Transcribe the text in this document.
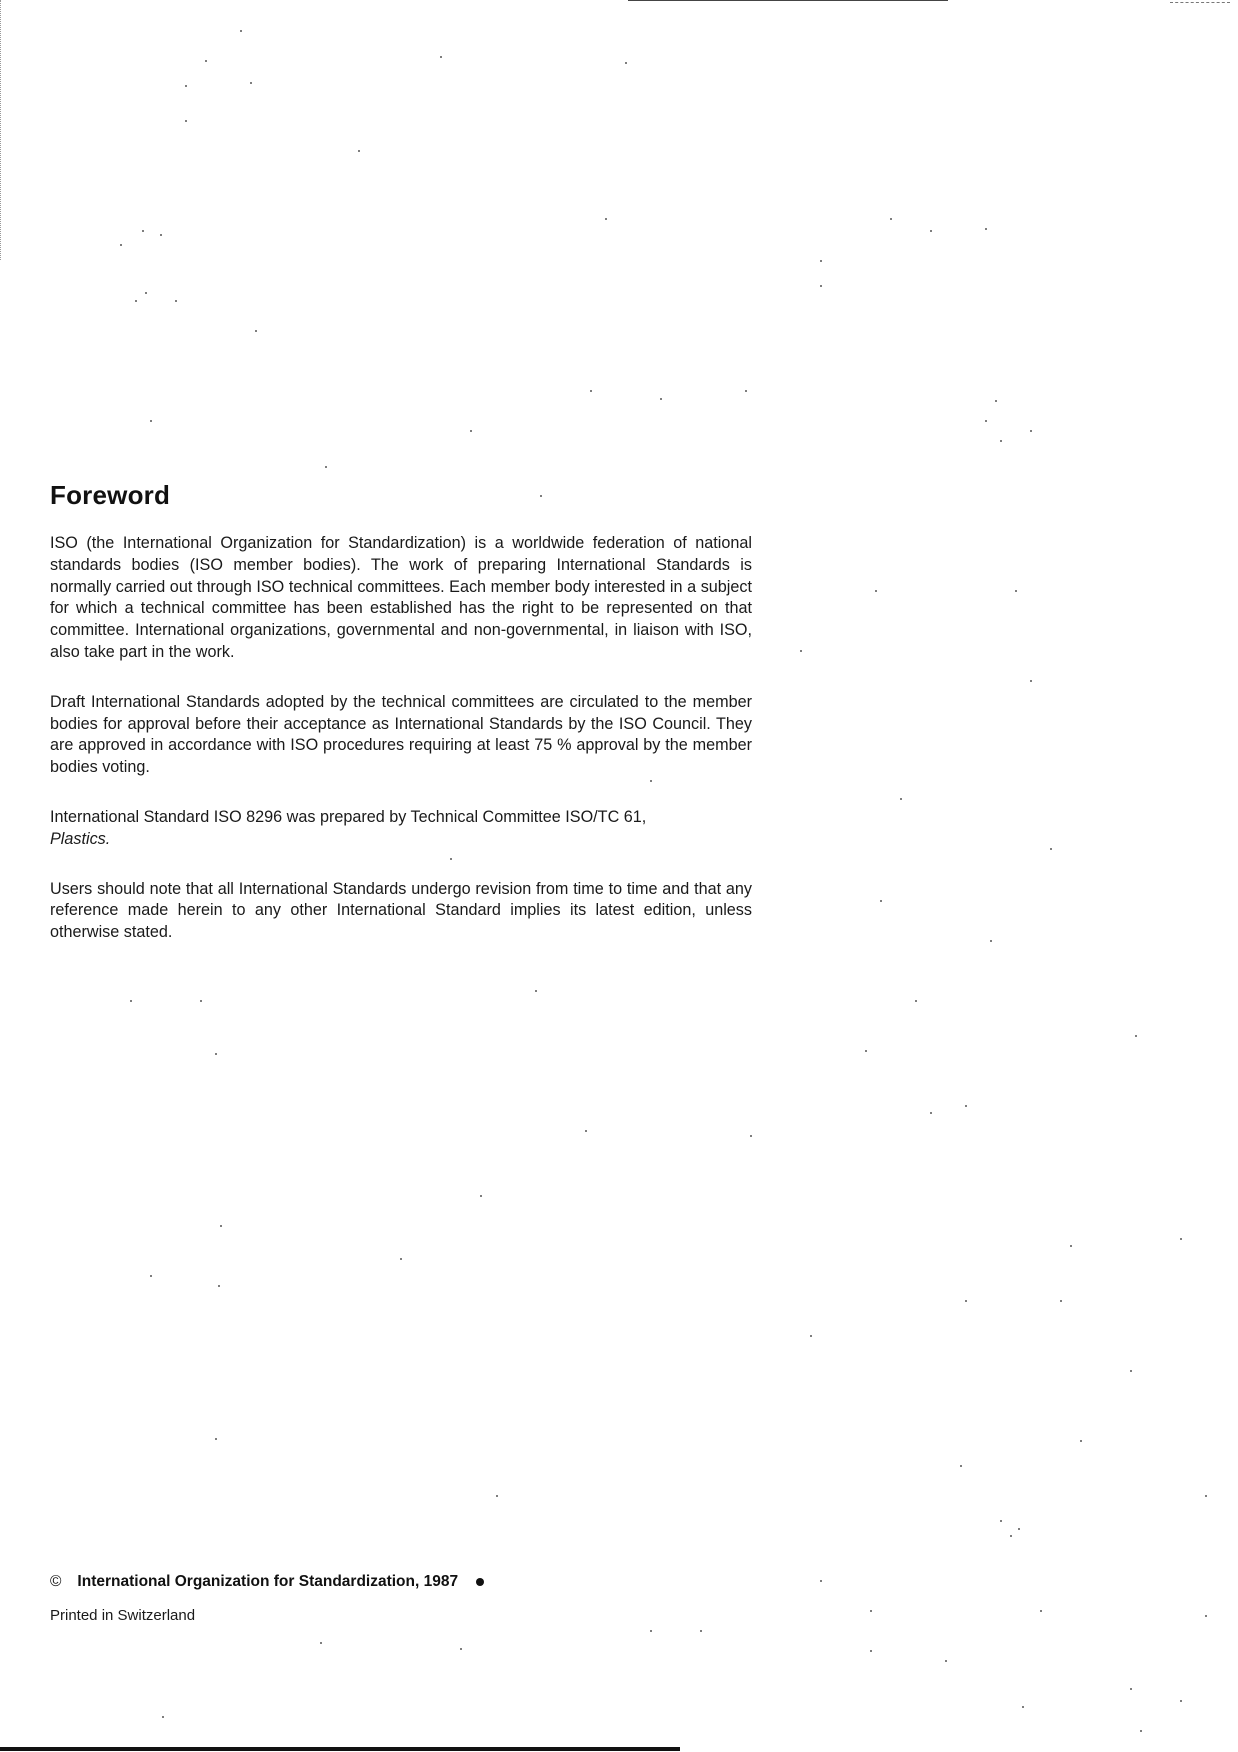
Foreword

ISO (the International Organization for Standardization) is a worldwide federation of national standards bodies (ISO member bodies). The work of preparing International Standards is normally carried out through ISO technical committees. Each member body interested in a subject for which a technical committee has been established has the right to be represented on that committee. International organizations, governmental and non-governmental, in liaison with ISO, also take part in the work.

Draft International Standards adopted by the technical committees are circulated to the member bodies for approval before their acceptance as International Standards by the ISO Council. They are approved in accordance with ISO procedures requiring at least 75 % approval by the member bodies voting.

International Standard ISO 8296 was prepared by Technical Committee ISO/TC 61,
Plastics.

Users should note that all International Standards undergo revision from time to time and that any reference made herein to any other International Standard implies its latest edition, unless otherwise stated.

© International Organization for Standardization, 1987
Printed in Switzerland
